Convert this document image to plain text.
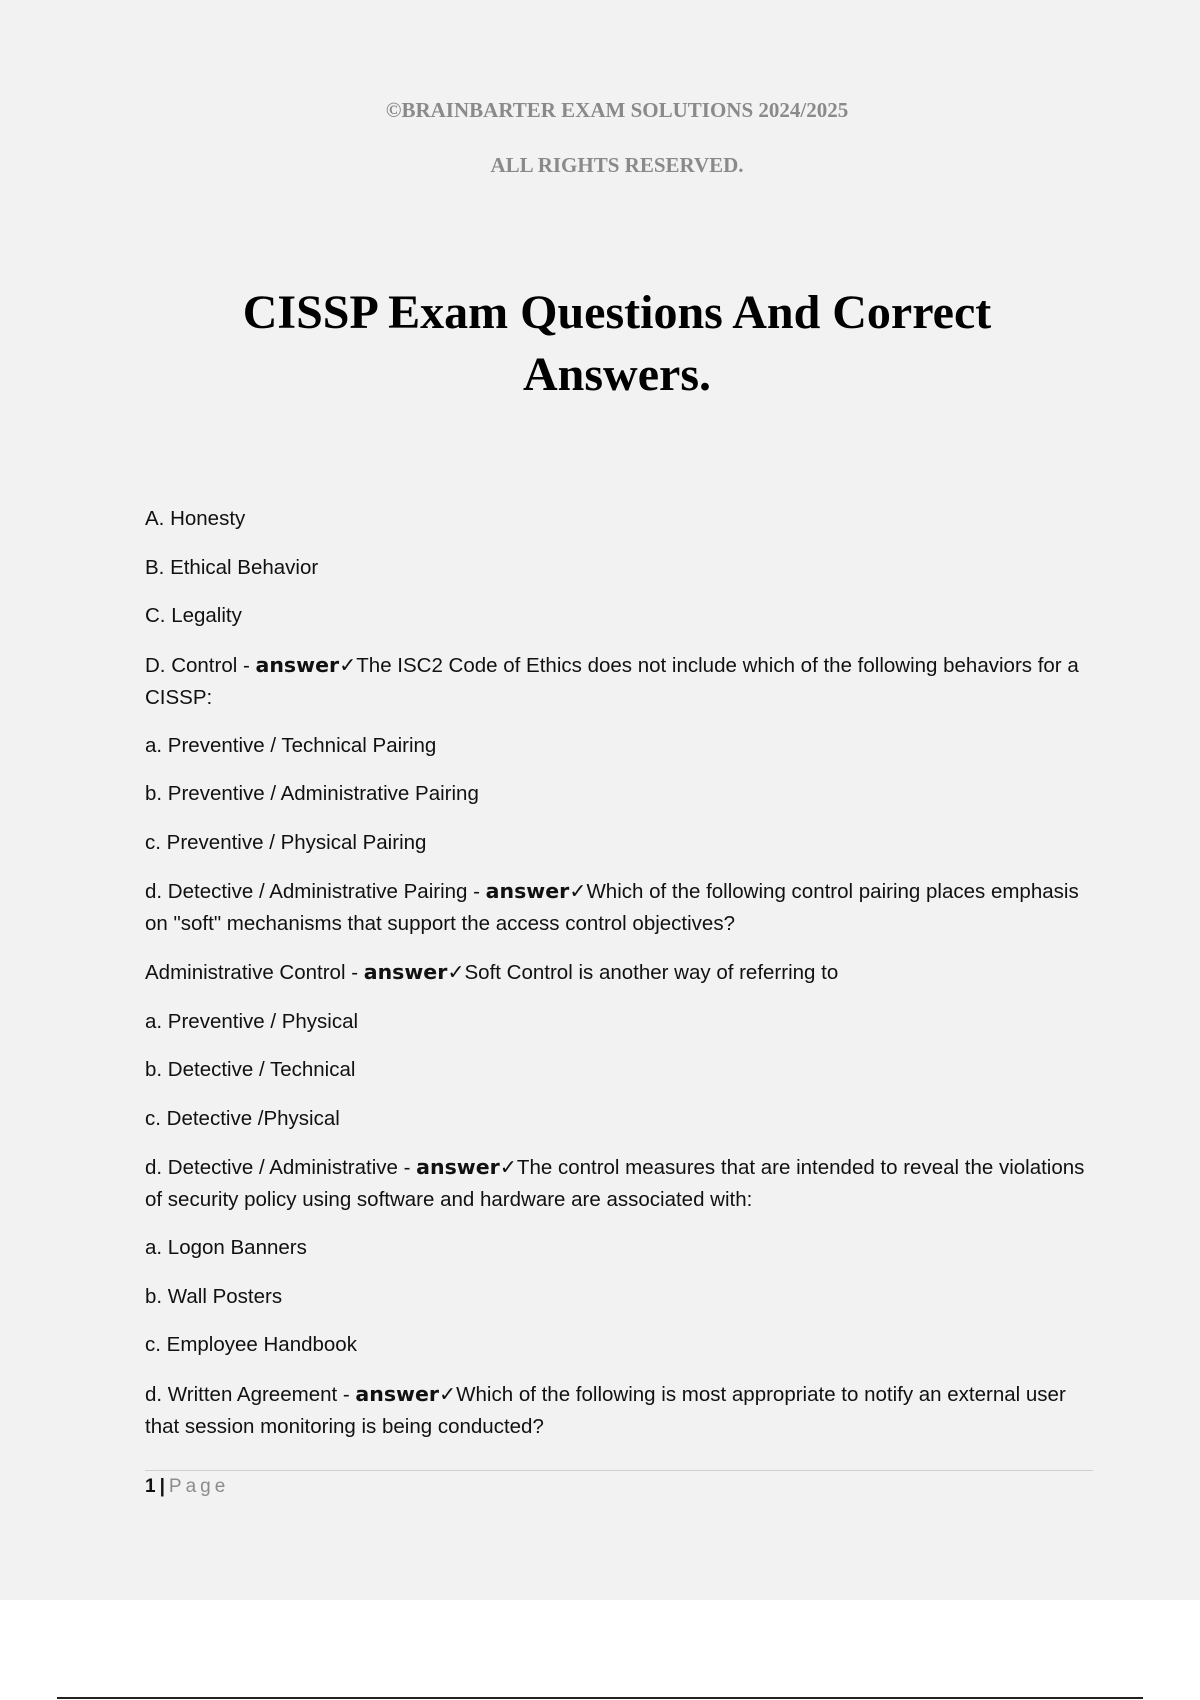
©BRAINBARTER EXAM SOLUTIONS 2024/2025
ALL RIGHTS RESERVED.
CISSP Exam Questions And Correct Answers.

A. Honesty

B. Ethical Behavior

C. Legality

D. Control - answer✓The ISC2 Code of Ethics does not include which of the following behaviors for a CISSP:

a. Preventive / Technical Pairing

b. Preventive / Administrative Pairing

c. Preventive / Physical Pairing

d. Detective / Administrative Pairing - answer✓Which of the following control pairing places emphasis on "soft" mechanisms that support the access control objectives?

Administrative Control - answer✓Soft Control is another way of referring to

a. Preventive / Physical

b. Detective / Technical

c. Detective /Physical

d. Detective / Administrative - answer✓The control measures that are intended to reveal the violations of security policy using software and hardware are associated with:

a. Logon Banners

b. Wall Posters

c. Employee Handbook

d. Written Agreement - answer✓Which of the following is most appropriate to notify an external user that session monitoring is being conducted?

1 | Page
